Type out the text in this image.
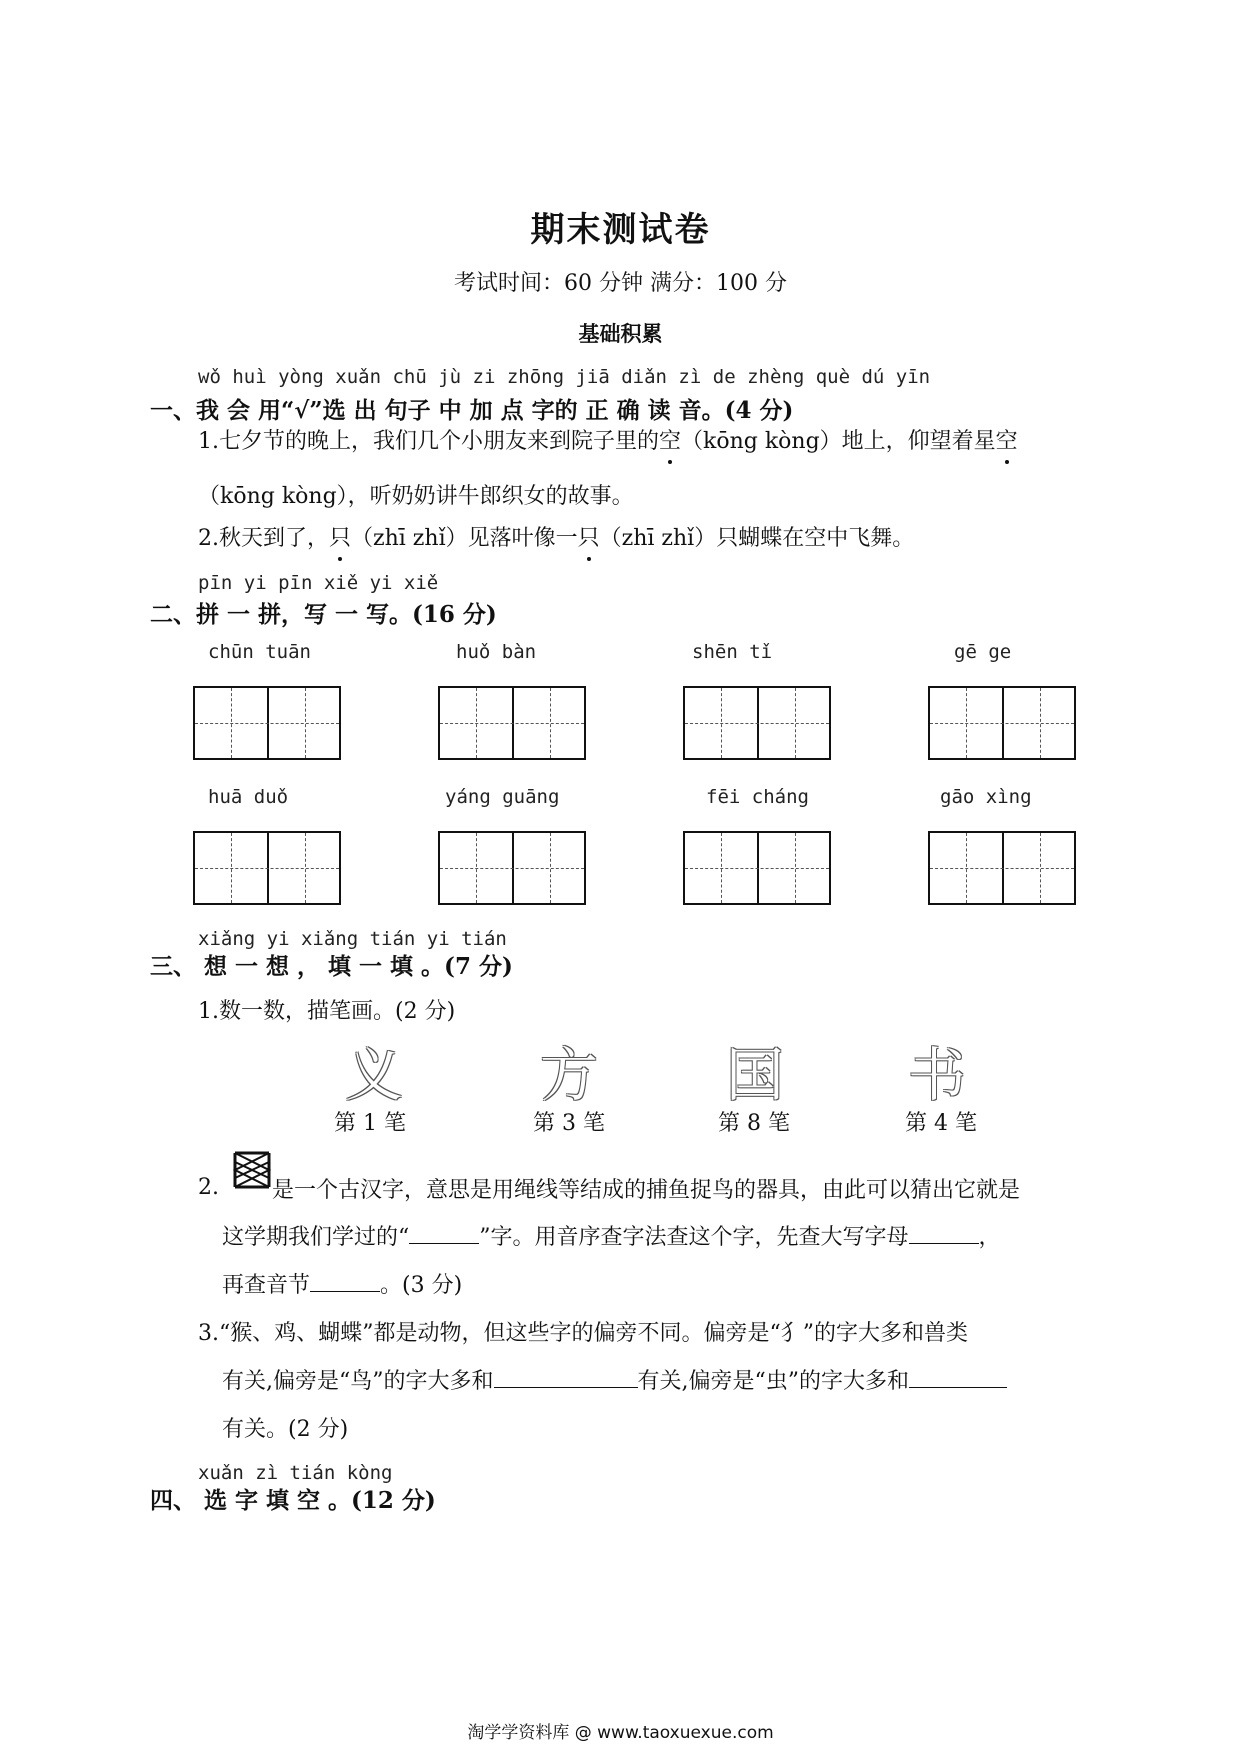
期末测试卷
考试时间：60 分钟 满分：100 分
基础积累
wǒ huì yòng xuǎn chū jù zi zhōng jiā diǎn zì de zhèng què dú yīn
一、我 会 用“√”选 出 句子 中 加 点 字的 正 确 读 音。(4 分)
1.七夕节的晚上，我们几个小朋友来到院子里的空（kōng kòng）地上，仰望着星空
（kōng kòng），听奶奶讲牛郎织女的故事。
2.秋天到了，只（zhī zhǐ）见落叶像一只（zhī zhǐ）只蝴蝶在空中飞舞。
pīn yi pīn xiě yi xiě
二、拼 一 拼，写 一 写。(16 分)
chūn tuān	huǒ bàn	shēn tǐ	gē ge
huā duǒ	yáng guāng	fēi cháng	gāo xìng
xiǎng yi xiǎng tián yi tián
三、 想 一 想 ， 填 一 填 。(7 分)
1.数一数，描笔画。(2 分)
义 方 国 书
第 1 笔	第 3 笔	第 8 笔	第 4 笔
2. 是一个古汉字，意思是用绳线等结成的捕鱼捉鸟的器具，由此可以猜出它就是
这学期我们学过的“	”字。用音序查字法查这个字，先查大写字母	，
再查音节	。(3 分)
3.“猴、鸡、蝴蝶”都是动物，但这些字的偏旁不同。偏旁是“犭”的字大多和兽类
有关,偏旁是“鸟”的字大多和	有关,偏旁是“虫”的字大多和
有关。(2 分)
xuǎn zì tián kòng
四、 选 字 填 空 。(12 分)
淘学学资料库 @ www.taoxuexue.com
